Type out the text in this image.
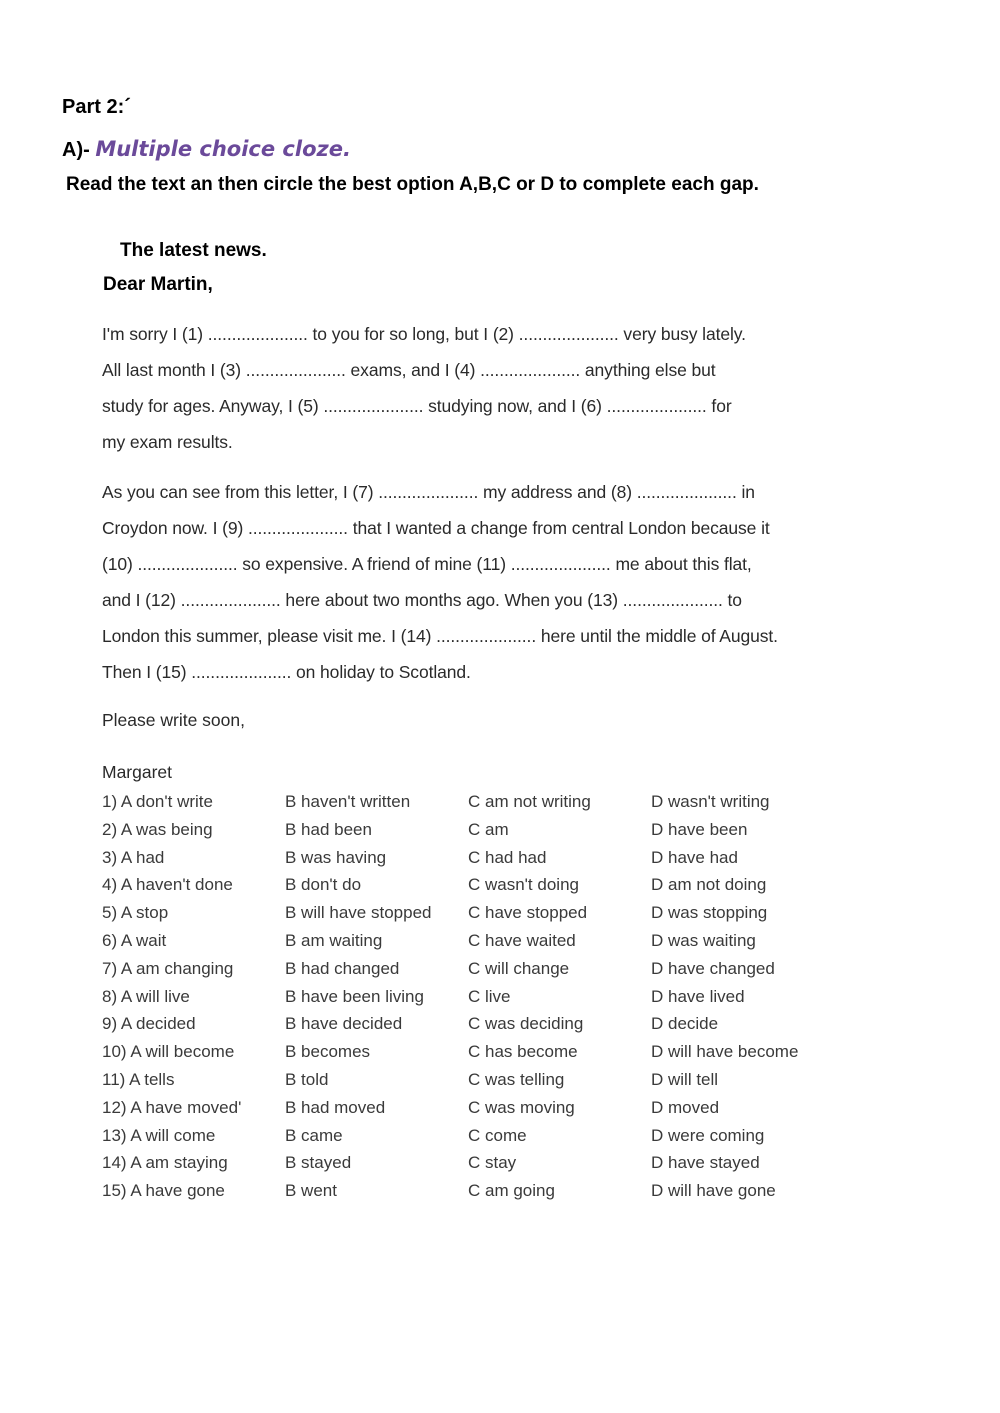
Part 2:´
A)- Multiple choice cloze.
Read the text an then circle the best option A,B,C or D to complete each gap.
The latest news.
Dear Martin,
I'm sorry I (1) ..................... to you for so long, but I (2) ..................... very busy lately.
All last month I (3) ..................... exams, and I (4) ..................... anything else but
study for ages. Anyway, I (5) ..................... studying now, and I (6) ..................... for
my exam results.
As you can see from this letter, I (7) ..................... my address and (8) ..................... in
Croydon now. I (9) ..................... that I wanted a change from central London because it
(10) ..................... so expensive. A friend of mine (11) ..................... me about this flat,
and I (12) ..................... here about two months ago. When you (13) ..................... to
London this summer, please visit me. I (14) ..................... here until the middle of August.
Then I (15) ..................... on holiday to Scotland.
Please write soon,
Margaret
1) A don't write	B haven't written	C am not writing	D wasn't writing
2) A was being	B had been	C am	D have been
3) A had	B was having	C had had	D have had
4) A haven't done	B don't do	C wasn't doing	D am not doing
5) A stop	B will have stopped C have stopped	D was stopping
6) A wait	B am waiting	C have waited	D was waiting
7) A am changing	B had changed	C will change	D have changed
8) A will live	B have been living	C live	D have lived
9) A decided	B have decided	C was deciding	D decide
10) A will become	B becomes	C has become	D will have become
11) A tells	B told	C was telling	D will tell
12) A have moved'	B had moved	C was moving	D moved
13) A will come	B came	C come	D were coming
14) A am staying	B stayed	C stay	D have stayed
15) A have gone	B went	C am going	D will have gone
